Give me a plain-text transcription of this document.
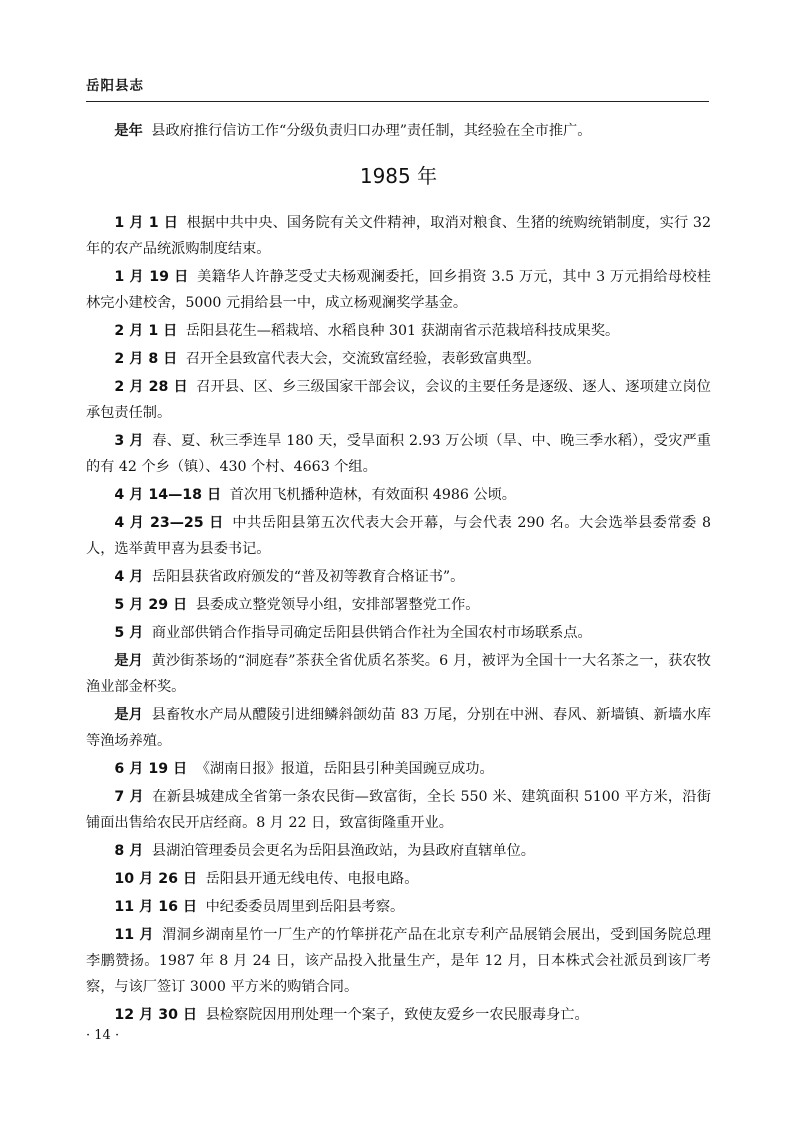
岳阳县志

是年 县政府推行信访工作“分级负责归口办理”责任制，其经验在全市推广。

1985 年

1 月 1 日 根据中共中央、国务院有关文件精神，取消对粮食、生猪的统购统销制度，实行 32 年的农产品统派购制度结束。

1 月 19 日 美籍华人许静芝受丈夫杨观澜委托，回乡捐资 3.5 万元，其中 3 万元捐给母校桂林完小建校舍，5000 元捐给县一中，成立杨观澜奖学基金。

2 月 1 日 岳阳县花生—稻栽培、水稻良种 301 获湖南省示范栽培科技成果奖。

2 月 8 日 召开全县致富代表大会，交流致富经验，表彰致富典型。

2 月 28 日 召开县、区、乡三级国家干部会议，会议的主要任务是逐级、逐人、逐项建立岗位承包责任制。

3 月 春、夏、秋三季连旱 180 天，受旱面积 2.93 万公顷（旱、中、晚三季水稻），受灾严重的有 42 个乡（镇）、430 个村、4663 个组。

4 月 14—18 日 首次用飞机播种造林，有效面积 4986 公顷。

4 月 23—25 日 中共岳阳县第五次代表大会开幕，与会代表 290 名。大会选举县委常委 8 人，选举黄甲喜为县委书记。

4 月 岳阳县获省政府颁发的“普及初等教育合格证书”。

5 月 29 日 县委成立整党领导小组，安排部署整党工作。

5 月 商业部供销合作指导司确定岳阳县供销合作社为全国农村市场联系点。

是月 黄沙街茶场的“洞庭春”茶获全省优质名茶奖。6 月，被评为全国十一大名茶之一，获农牧渔业部金杯奖。

是月 县畜牧水产局从醴陵引进细鳞斜颌幼苗 83 万尾，分别在中洲、春风、新墙镇、新墙水库等渔场养殖。

6 月 19 日 《湖南日报》报道，岳阳县引种美国豌豆成功。

7 月 在新县城建成全省第一条农民街—致富街，全长 550 米、建筑面积 5100 平方米，沿街铺面出售给农民开店经商。8 月 22 日，致富街隆重开业。

8 月 县湖泊管理委员会更名为岳阳县渔政站，为县政府直辖单位。

10 月 26 日 岳阳县开通无线电传、电报电路。

11 月 16 日 中纪委委员周里到岳阳县考察。

11 月 渭洞乡湖南星竹一厂生产的竹筚拼花产品在北京专利产品展销会展出，受到国务院总理李鹏赞扬。1987 年 8 月 24 日，该产品投入批量生产，是年 12 月，日本株式会社派员到该厂考察，与该厂签订 3000 平方米的购销合同。

12 月 30 日 县检察院因用刑处理一个案子，致使友爱乡一农民服毒身亡。

· 14 ·
